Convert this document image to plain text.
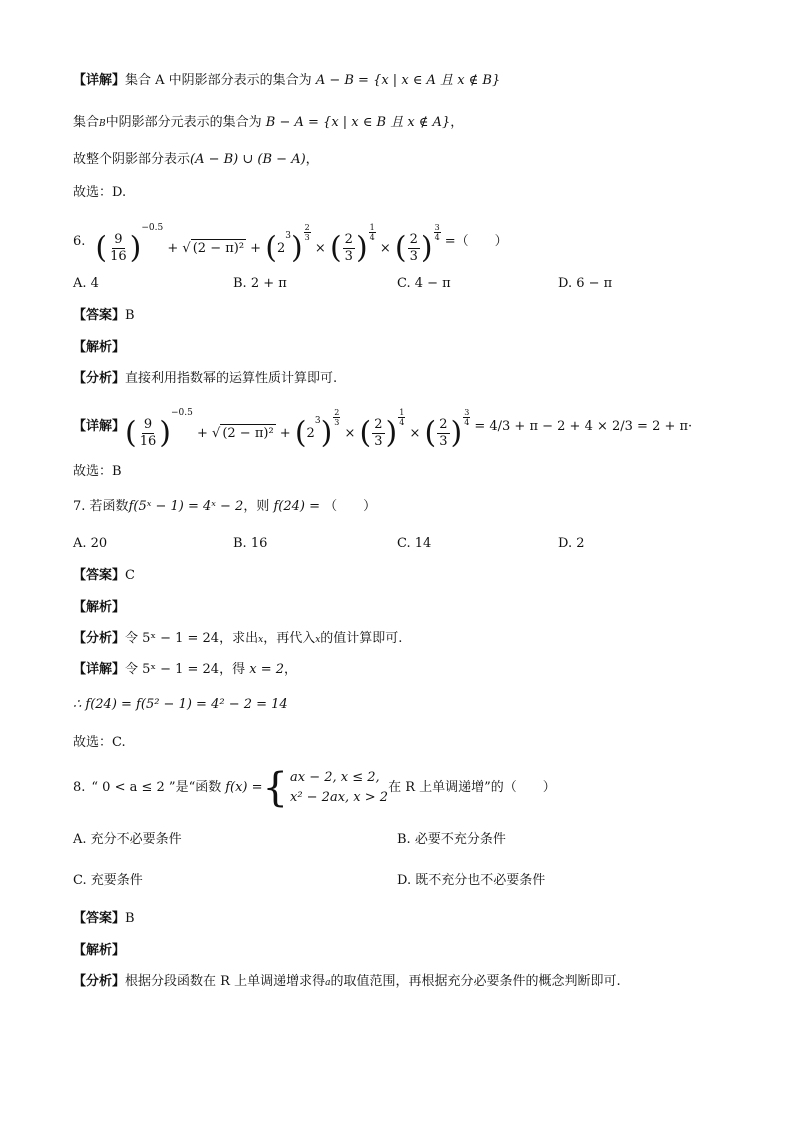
【详解】集合 A 中阴影部分表示的集合为 A − B = {x | x ∈ A 且 x ∉ B}
集合B中阴影部分元表示的集合为 B − A = {x | x ∈ B 且 x ∉ A}，
故整个阴影部分表示(A − B) ∪ (B − A)，
故选：D.
6. ( $\frac{9}{16} )^{-0.5}$ + √ $(2 - \pi)^2 + (2^3) \frac{2}{3}$
× ( $\frac{2}{3}$ ) $\frac{1}{4}$
× ( $\frac{2}{3}$ ) $\frac{3}{4}$ =（　　）
A. 4	B. 2 + π	C. 4 − π	D. 6 − π
【答案】B
【解析】
【分析】直接利用指数幂的运算性质计算即可.
【详解】 ( $\frac{9}{16} )^{-0.5}$ + √ $(2 - \pi)^2 + (2^3) \frac{2}{3}$
× ( $\frac{2}{3}$ ) $\frac{1}{4}$
× ( $\frac{2}{3}$ ) $\frac{3}{4} = 4/3 + \pi - 2 + 4 \times 2/3 = 2 + \pi\cdot$
故选：B
7. 若函数f(5ˣ − 1) = 4ˣ − 2，则 f(24) = （　　）
A. 20	B. 16	C. 14	D. 2
【答案】C
【解析】
【分析】令 5ˣ − 1 = 24，求出x，再代入x的值计算即可.
【详解】令 5ˣ − 1 = 24，得 x = 2，
∴ f(24) = f(5² − 1) = 4² − 2 = 14
故选：C.
8. “ 0 < a ≤ 2 ”是“函数 f(x) = { ax − 2, x ≤ 2,
x² − 2ax, x > 2
在 R 上单调递增”的（　　）
A. 充分不必要条件	B. 必要不充分条件
C. 充要条件	D. 既不充分也不必要条件
【答案】B
【解析】
【分析】根据分段函数在 R 上单调递增求得a的取值范围，再根据充分必要条件的概念判断即可.
